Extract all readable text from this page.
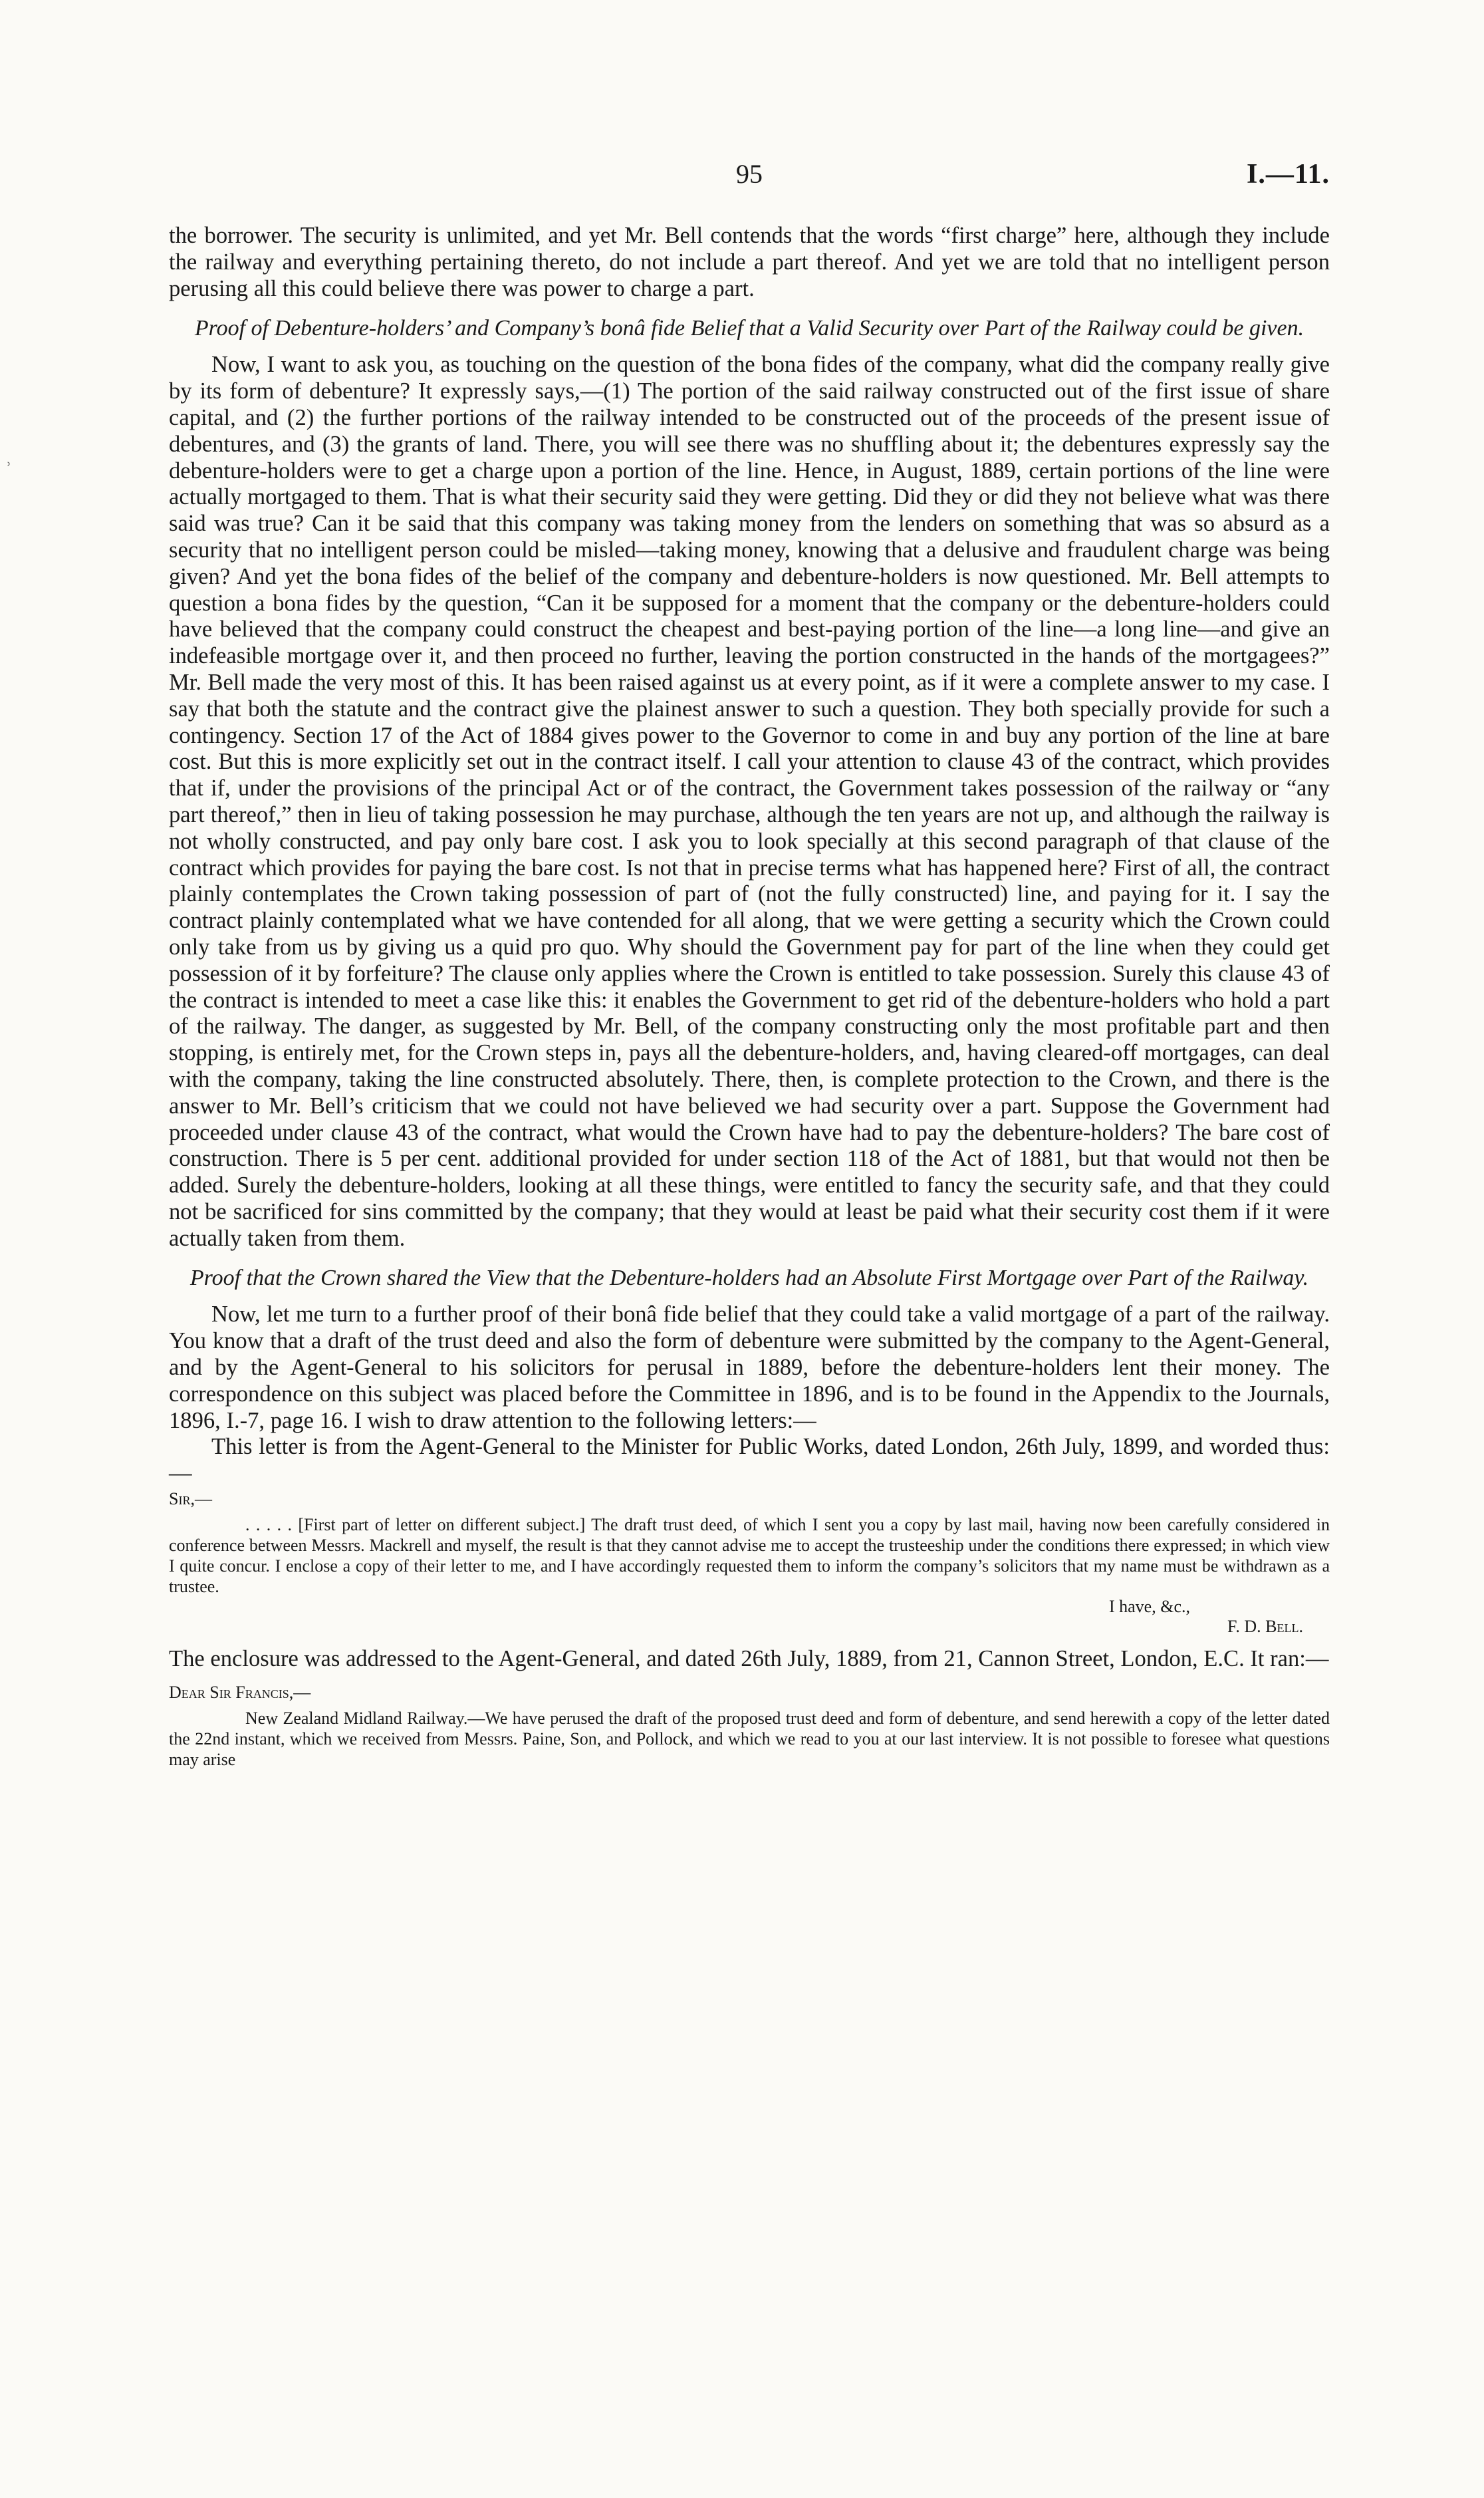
95	I.—11.
ʾ

the borrower. The security is unlimited, and yet Mr. Bell contends that the words “first charge” here, although they include the railway and everything pertaining thereto, do not include a part thereof. And yet we are told that no intelligent person perusing all this could believe there was power to charge a part.

Proof of Debenture-holders’ and Company’s bonâ fide Belief that a Valid Security over Part of the Railway could be given.

Now, I want to ask you, as touching on the question of the bona fides of the company, what did the company really give by its form of debenture? It expressly says,—(1) The portion of the said railway constructed out of the first issue of share capital, and (2) the further portions of the railway intended to be constructed out of the proceeds of the present issue of debentures, and (3) the grants of land. There, you will see there was no shuffling about it; the debentures expressly say the debenture-holders were to get a charge upon a portion of the line. Hence, in August, 1889, certain portions of the line were actually mortgaged to them. That is what their security said they were getting. Did they or did they not believe what was there said was true? Can it be said that this company was taking money from the lenders on something that was so absurd as a security that no intelligent person could be misled—taking money, knowing that a delusive and fraudulent charge was being given? And yet the bona fides of the belief of the company and debenture-holders is now questioned. Mr. Bell attempts to question a bona fides by the question, “Can it be supposed for a moment that the company or the debenture-holders could have believed that the company could construct the cheapest and best-paying portion of the line—a long line—and give an indefeasible mortgage over it, and then proceed no further, leaving the portion constructed in the hands of the mortgagees?” Mr. Bell made the very most of this. It has been raised against us at every point, as if it were a complete answer to my case. I say that both the statute and the contract give the plainest answer to such a question. They both specially provide for such a contingency. Section 17 of the Act of 1884 gives power to the Governor to come in and buy any portion of the line at bare cost. But this is more explicitly set out in the contract itself. I call your attention to clause 43 of the contract, which provides that if, under the provisions of the principal Act or of the contract, the Government takes possession of the railway or “any part thereof,” then in lieu of taking possession he may purchase, although the ten years are not up, and although the railway is not wholly constructed, and pay only bare cost. I ask you to look specially at this second paragraph of that clause of the contract which provides for paying the bare cost. Is not that in precise terms what has happened here? First of all, the contract plainly contemplates the Crown taking possession of part of (not the fully constructed) line, and paying for it. I say the contract plainly contemplated what we have contended for all along, that we were getting a security which the Crown could only take from us by giving us a quid pro quo. Why should the Government pay for part of the line when they could get possession of it by forfeiture? The clause only applies where the Crown is entitled to take possession. Surely this clause 43 of the contract is intended to meet a case like this: it enables the Government to get rid of the debenture-holders who hold a part of the railway. The danger, as suggested by Mr. Bell, of the company constructing only the most profitable part and then stopping, is entirely met, for the Crown steps in, pays all the debenture-holders, and, having cleared-off mortgages, can deal with the company, taking the line constructed absolutely. There, then, is complete protection to the Crown, and there is the answer to Mr. Bell’s criticism that we could not have believed we had security over a part. Suppose the Government had proceeded under clause 43 of the contract, what would the Crown have had to pay the debenture-holders? The bare cost of construction. There is 5 per cent. additional provided for under section 118 of the Act of 1881, but that would not then be added. Surely the debenture-holders, looking at all these things, were entitled to fancy the security safe, and that they could not be sacrificed for sins committed by the company; that they would at least be paid what their security cost them if it were actually taken from them.

Proof that the Crown shared the View that the Debenture-holders had an Absolute First Mortgage over Part of the Railway.

Now, let me turn to a further proof of their bonâ fide belief that they could take a valid mortgage of a part of the railway. You know that a draft of the trust deed and also the form of debenture were submitted by the company to the Agent-General, and by the Agent-General to his solicitors for perusal in 1889, before the debenture-holders lent their money. The correspondence on this subject was placed before the Committee in 1896, and is to be found in the Appendix to the Journals, 1896, I.-7, page 16. I wish to draw attention to the following letters:—

This letter is from the Agent-General to the Minister for Public Works, dated London, 26th July, 1899, and worded thus:—

Sir,—

. . . . . [First part of letter on different subject.] The draft trust deed, of which I sent you a copy by last mail, having now been carefully considered in conference between Messrs. Mackrell and myself, the result is that they cannot advise me to accept the trusteeship under the conditions there expressed; in which view I quite concur. I enclose a copy of their letter to me, and I have accordingly requested them to inform the company’s solicitors that my name must be withdrawn as a trustee.

I have, &c.,

F. D. Bell.

The enclosure was addressed to the Agent-General, and dated 26th July, 1889, from 21, Cannon Street, London, E.C. It ran:—

Dear Sir Francis,—

New Zealand Midland Railway.—We have perused the draft of the proposed trust deed and form of debenture, and send herewith a copy of the letter dated the 22nd instant, which we received from Messrs. Paine, Son, and Pollock, and which we read to you at our last interview. It is not possible to foresee what questions may arise
